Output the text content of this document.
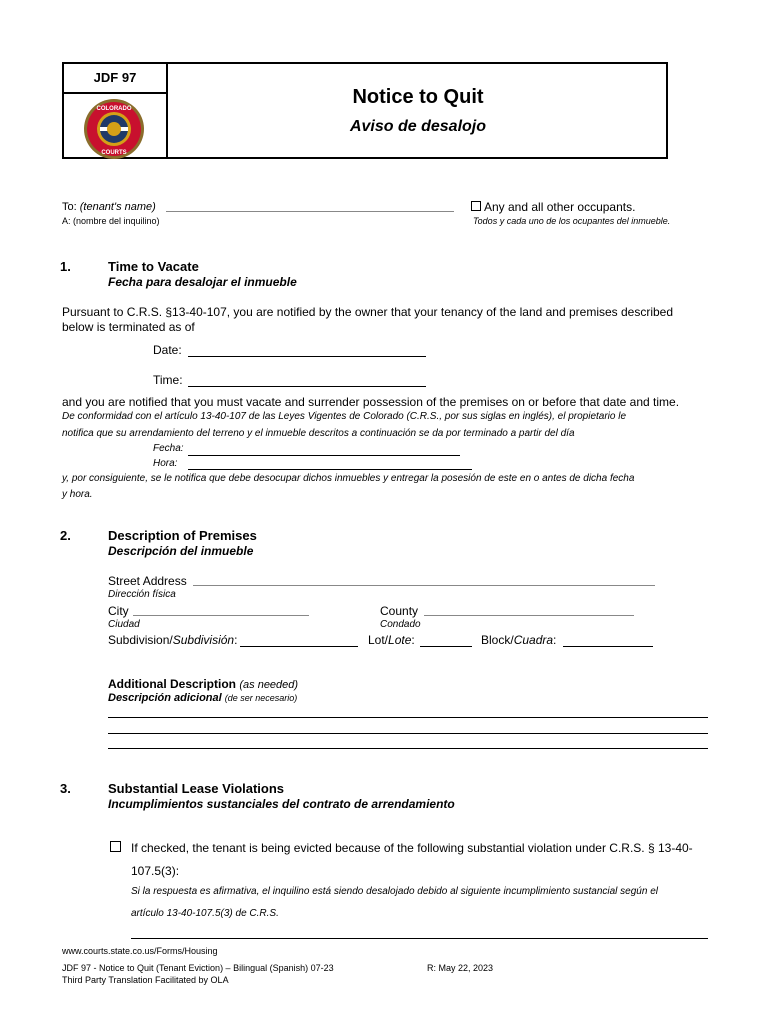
JDF 97
COLORADO
COURTS
Notice to Quit
Aviso de desalojo
To: (tenant's name)
A: (nombre del inquilino)
Any and all other occupants.
Todos y cada uno de los ocupantes del inmueble.
1.	Time to Vacate
Fecha para desalojar el inmueble
Pursuant to C.R.S. §13-40-107, you are notified by the owner that your tenancy of the land and premises described
below is terminated as of
Date:
Time:
and you are notified that you must vacate and surrender possession of the premises on or before that date and time.
De conformidad con el artículo 13-40-107 de las Leyes Vigentes de Colorado (C.R.S., por sus siglas en inglés), el propietario le
notifica que su arrendamiento del terreno y el inmueble descritos a continuación se da por terminado a partir del día
Fecha:
Hora:
y, por consiguiente, se le notifica que debe desocupar dichos inmuebles y entregar la posesión de este en o antes de dicha fecha
y hora.
2.	Description of Premises
Descripción del inmueble
Street Address
Dirección física
City
Ciudad
County
Condado
Subdivision/Subdivisión:	Lot/Lote:	Block/Cuadra:
Additional Description (as needed)
Descripción adicional (de ser necesario)
3.	Substantial Lease Violations
Incumplimientos sustanciales del contrato de arrendamiento
If checked, the tenant is being evicted because of the following substantial violation under C.R.S. § 13-40-
107.5(3):
Si la respuesta es afirmativa, el inquilino está siendo desalojado debido al siguiente incumplimiento sustancial según el
artículo 13-40-107.5(3) de C.R.S.
www.courts.state.co.us/Forms/Housing
JDF 97 - Notice to Quit (Tenant Eviction) – Bilingual (Spanish) 07-23	R: May 22, 2023
Third Party Translation Facilitated by OLA
